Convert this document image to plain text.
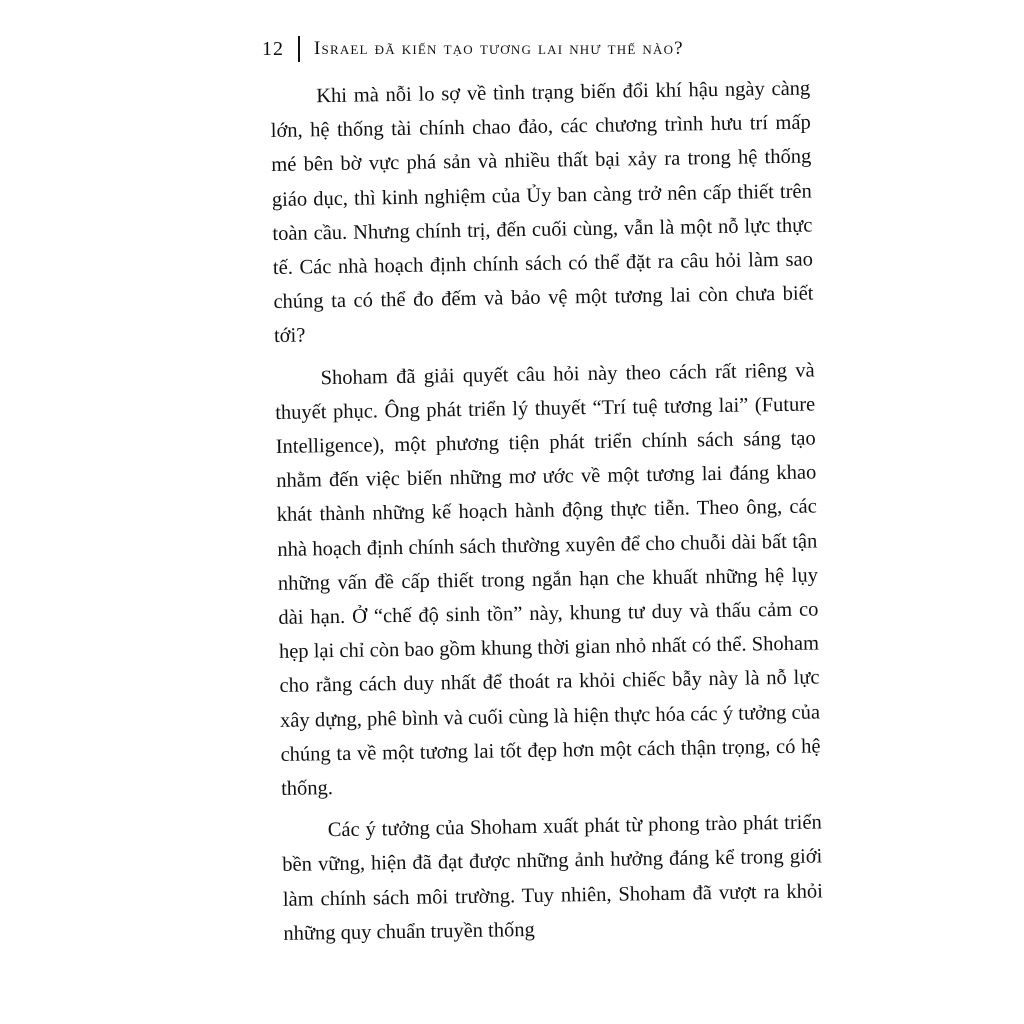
12 Israel đã kiến tạo tương lai như thế nào?

Khi mà nỗi lo sợ về tình trạng biến đổi khí hậu ngày càng lớn, hệ thống tài chính chao đảo, các chương trình hưu trí mấp mé bên bờ vực phá sản và nhiều thất bại xảy ra trong hệ thống giáo dục, thì kinh nghiệm của Ủy ban càng trở nên cấp thiết trên toàn cầu. Nhưng chính trị, đến cuối cùng, vẫn là một nỗ lực thực tế. Các nhà hoạch định chính sách có thể đặt ra câu hỏi làm sao chúng ta có thể đo đếm và bảo vệ một tương lai còn chưa biết tới?

Shoham đã giải quyết câu hỏi này theo cách rất riêng và thuyết phục. Ông phát triển lý thuyết “Trí tuệ tương lai” (Future Intelligence), một phương tiện phát triển chính sách sáng tạo nhằm đến việc biến những mơ ước về một tương lai đáng khao khát thành những kế hoạch hành động thực tiễn. Theo ông, các nhà hoạch định chính sách thường xuyên để cho chuỗi dài bất tận những vấn đề cấp thiết trong ngắn hạn che khuất những hệ lụy dài hạn. Ở “chế độ sinh tồn” này, khung tư duy và thấu cảm co hẹp lại chỉ còn bao gồm khung thời gian nhỏ nhất có thể. Shoham cho rằng cách duy nhất để thoát ra khỏi chiếc bẫy này là nỗ lực xây dựng, phê bình và cuối cùng là hiện thực hóa các ý tưởng của chúng ta về một tương lai tốt đẹp hơn một cách thận trọng, có hệ thống.

Các ý tưởng của Shoham xuất phát từ phong trào phát triển bền vững, hiện đã đạt được những ảnh hưởng đáng kể trong giới làm chính sách môi trường. Tuy nhiên, Shoham đã vượt ra khỏi những quy chuẩn truyền thống
